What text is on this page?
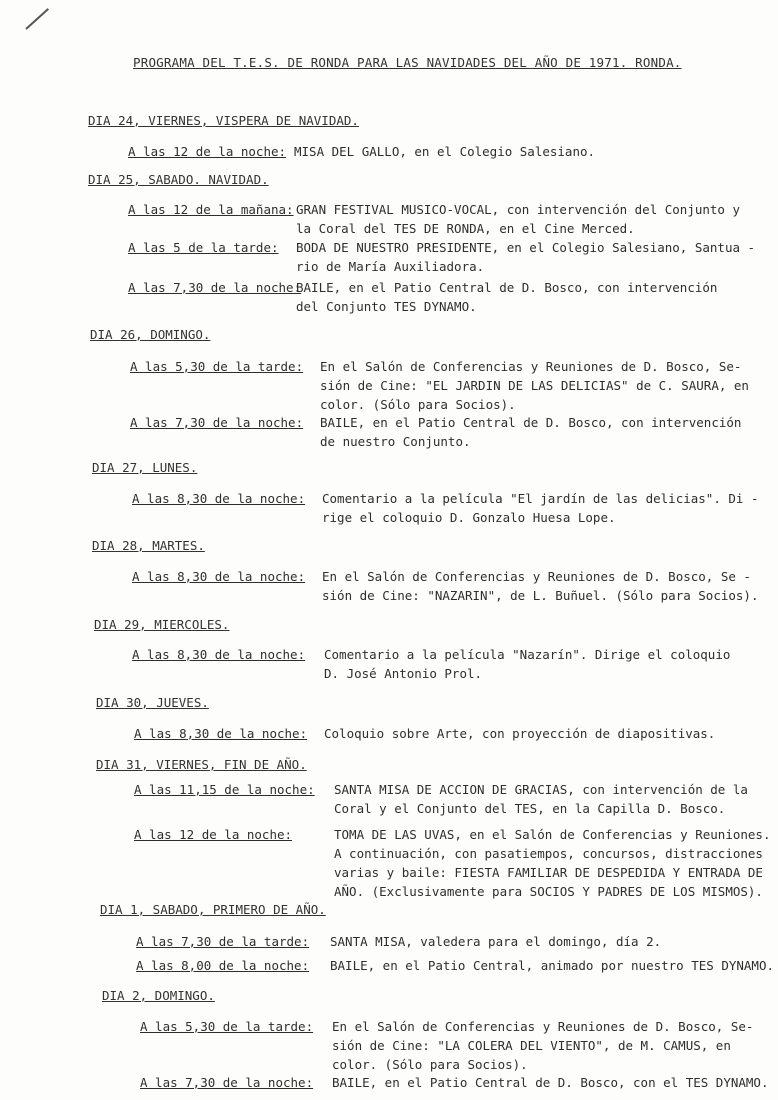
PROGRAMA DEL T.E.S. DE RONDA PARA LAS NAVIDADES DEL AÑO DE 1971. RONDA.
DIA 24, VIERNES, VISPERA DE NAVIDAD.
A las 12 de la noche: MISA DEL GALLO, en el Colegio Salesiano.
DIA 25, SABADO. NAVIDAD.
A las 12 de la mañana: GRAN FESTIVAL MUSICO-VOCAL, con intervención del Conjunto y
la Coral del TES DE RONDA, en el Cine Merced.
A las 5 de la tarde: BODA DE NUESTRO PRESIDENTE, en el Colegio Salesiano, Santua -
rio de María Auxiliadora.
A las 7,30 de la noche:
BAILE, en el Patio Central de D. Bosco, con intervención
del Conjunto TES DYNAMO.
DIA 26, DOMINGO.
A las 5,30 de la tarde: En el Salón de Conferencias y Reuniones de D. Bosco, Se-
sión de Cine: "EL JARDIN DE LAS DELICIAS" de C. SAURA, en
color. (Sólo para Socios).
A las 7,30 de la noche: BAILE, en el Patio Central de D. Bosco, con intervención
de nuestro Conjunto.
DIA 27, LUNES.
A las 8,30 de la noche: Comentario a la película "El jardín de las delicias". Di -
rige el coloquio D. Gonzalo Huesa Lope.
DIA 28, MARTES.
A las 8,30 de la noche: En el Salón de Conferencias y Reuniones de D. Bosco, Se -
sión de Cine: "NAZARIN", de L. Buñuel. (Sólo para Socios).
DIA 29, MIERCOLES.
A las 8,30 de la noche: Comentario a la película "Nazarín". Dirige el coloquio
D. José Antonio Prol.
DIA 30, JUEVES.
A las 8,30 de la noche: Coloquio sobre Arte, con proyección de diapositivas.
DIA 31, VIERNES, FIN DE AÑO.
A las 11,15 de la noche: SANTA MISA DE ACCION DE GRACIAS, con intervención de la
Coral y el Conjunto del TES, en la Capilla D. Bosco.
A las 12 de la noche:	TOMA DE LAS UVAS, en el Salón de Conferencias y Reuniones.
A continuación, con pasatiempos, concursos, distracciones
varias y baile: FIESTA FAMILIAR DE DESPEDIDA Y ENTRADA DE
AÑO. (Exclusivamente para SOCIOS Y PADRES DE LOS MISMOS).
DIA 1, SABADO, PRIMERO DE AÑO.
A las 7,30 de la tarde: SANTA MISA, valedera para el domingo, día 2.
A las 8,00 de la noche: BAILE, en el Patio Central, animado por nuestro TES DYNAMO.
DIA 2, DOMINGO.
A las 5,30 de la tarde: En el Salón de Conferencias y Reuniones de D. Bosco, Se-
sión de Cine: "LA COLERA DEL VIENTO", de M. CAMUS, en
color. (Sólo para Socios).
A las 7,30 de la noche: BAILE, en el Patio Central de D. Bosco, con el TES DYNAMO.
